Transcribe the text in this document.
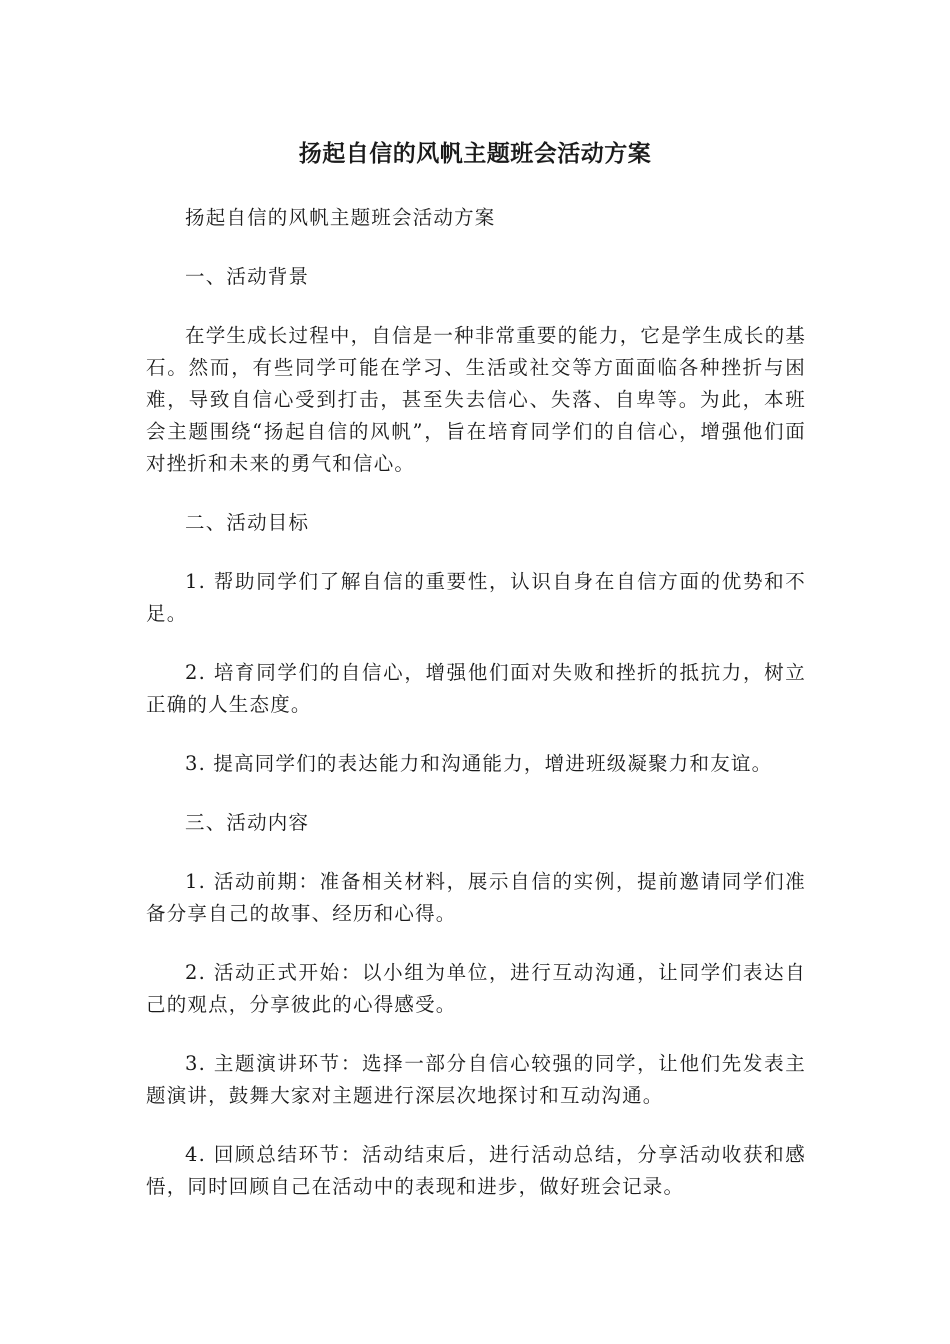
扬起自信的风帆主题班会活动方案

扬起自信的风帆主题班会活动方案

一、活动背景

在学生成长过程中，自信是一种非常重要的能力，它是学生成长的基石。然而，有些同学可能在学习、生活或社交等方面面临各种挫折与困难，导致自信心受到打击，甚至失去信心、失落、自卑等。为此，本班会主题围绕“扬起自信的风帆”，旨在培育同学们的自信心，增强他们面对挫折和未来的勇气和信心。

二、活动目标

1. 帮助同学们了解自信的重要性，认识自身在自信方面的优势和不足。

2. 培育同学们的自信心，增强他们面对失败和挫折的抵抗力，树立正确的人生态度。

3. 提高同学们的表达能力和沟通能力，增进班级凝聚力和友谊。

三、活动内容

1. 活动前期：准备相关材料，展示自信的实例，提前邀请同学们准备分享自己的故事、经历和心得。

2. 活动正式开始：以小组为单位，进行互动沟通，让同学们表达自己的观点，分享彼此的心得感受。

3. 主题演讲环节：选择一部分自信心较强的同学，让他们先发表主题演讲，鼓舞大家对主题进行深层次地探讨和互动沟通。

4. 回顾总结环节：活动结束后，进行活动总结，分享活动收获和感悟，同时回顾自己在活动中的表现和进步，做好班会记录。
